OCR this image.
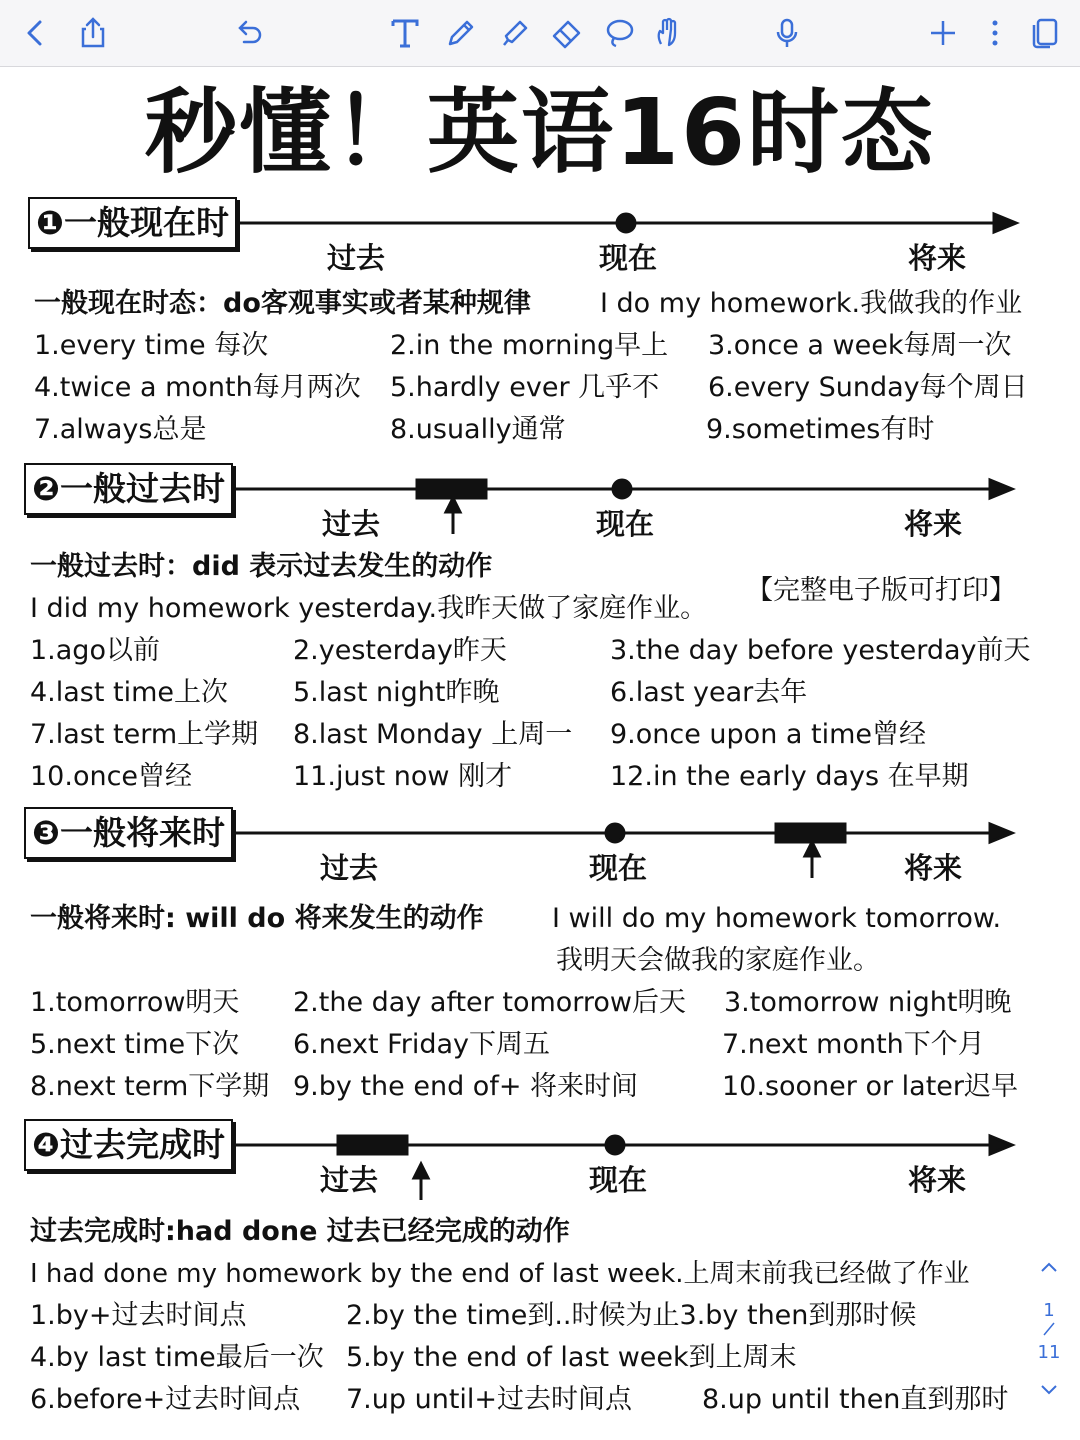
秒懂！英语16时态
❶一般现在时
过去	现在	将来
一般现在时态：do客观事实或者某种规律	I do my homework.我做我的作业
1.every time 每次	2.in the morning早上 3.once a week每周一次
4.twice a month每月两次 5.hardly ever 几乎不 6.every Sunday每个周日
7.always总是	8.usually通常	9.sometimes有时
❷一般过去时
过去	现在	将来
一般过去时：did 表示过去发生的动作
【完整电子版可打印】
I did my homework yesterday.我昨天做了家庭作业。
1.ago以前	2.yesterday昨天	3.the day before yesterday前天
4.last time上次 5.last night昨晚	6.last year去年
7.last term上学期 8.last Monday 上周一 9.once upon a time曾经
10.once曾经	11.just now 刚才	12.in the early days 在早期
❸一般将来时
过去	现在	将来
一般将来时: will do 将来发生的动作	I will do my homework tomorrow.
我明天会做我的家庭作业。
1.tomorrow明天 2.the day after tomorrow后天 3.tomorrow night明晚
5.next time下次 6.next Friday下周五	7.next month下个月
8.next term下学期 9.by the end of+ 将来时间	10.sooner or later迟早
❹过去完成时
过去	现在	将来
过去完成时:had done 过去已经完成的动作
I had done my homework by the end of last week.上周末前我已经做了作业
1.by+过去时间点	2.by the time到..时候为止3.by then到那时候
4.by last time最后一次 5.by the end of last week到上周末
6.before+过去时间点 7.up until+过去时间点	8.up until then直到那时
1
11
